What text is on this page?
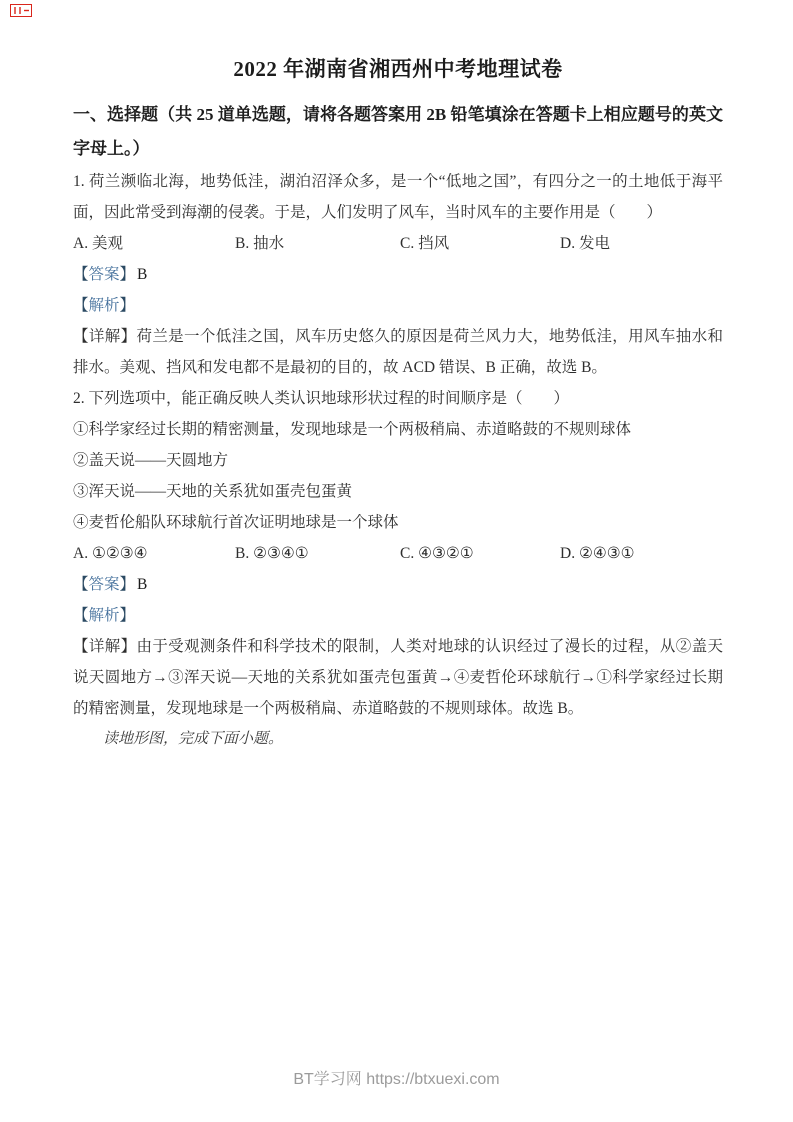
2022 年湖南省湘西州中考地理试卷
一、选择题（共 25 道单选题，请将各题答案用 2B 铅笔填涂在答题卡上相应题号的英文字母上。）

1. 荷兰濒临北海，地势低洼，湖泊沼泽众多，是一个“低地之国”，有四分之一的土地低于海平面，因此常受到海潮的侵袭。于是，人们发明了风车，当时风车的主要作用是（　　）

A. 美观	B. 抽水	C. 挡风	D. 发电

【答案】 B

【解析】

【详解】荷兰是一个低洼之国，风车历史悠久的原因是荷兰风力大，地势低洼，用风车抽水和排水。美观、挡风和发电都不是最初的目的，故 ACD 错误、B 正确，故选 B。

2. 下列选项中，能正确反映人类认识地球形状过程的时间顺序是（　　）

①科学家经过长期的精密测量，发现地球是一个两极稍扁、赤道略鼓的不规则球体

②盖天说——天圆地方

③浑天说——天地的关系犹如蛋壳包蛋黄

④麦哲伦船队环球航行首次证明地球是一个球体

A. ①②③④	B. ②③④①	C. ④③②①	D. ②④③①

【答案】 B

【解析】

【详解】由于受观测条件和科学技术的限制，人类对地球的认识经过了漫长的过程，从②盖天说天圆地方→③浑天说—天地的关系犹如蛋壳包蛋黄→④麦哲伦环球航行→①科学家经过长期的精密测量，发现地球是一个两极稍扁、赤道略鼓的不规则球体。故选 B。

读地形图，完成下面小题。

BT学习网 https://btxuexi.com
